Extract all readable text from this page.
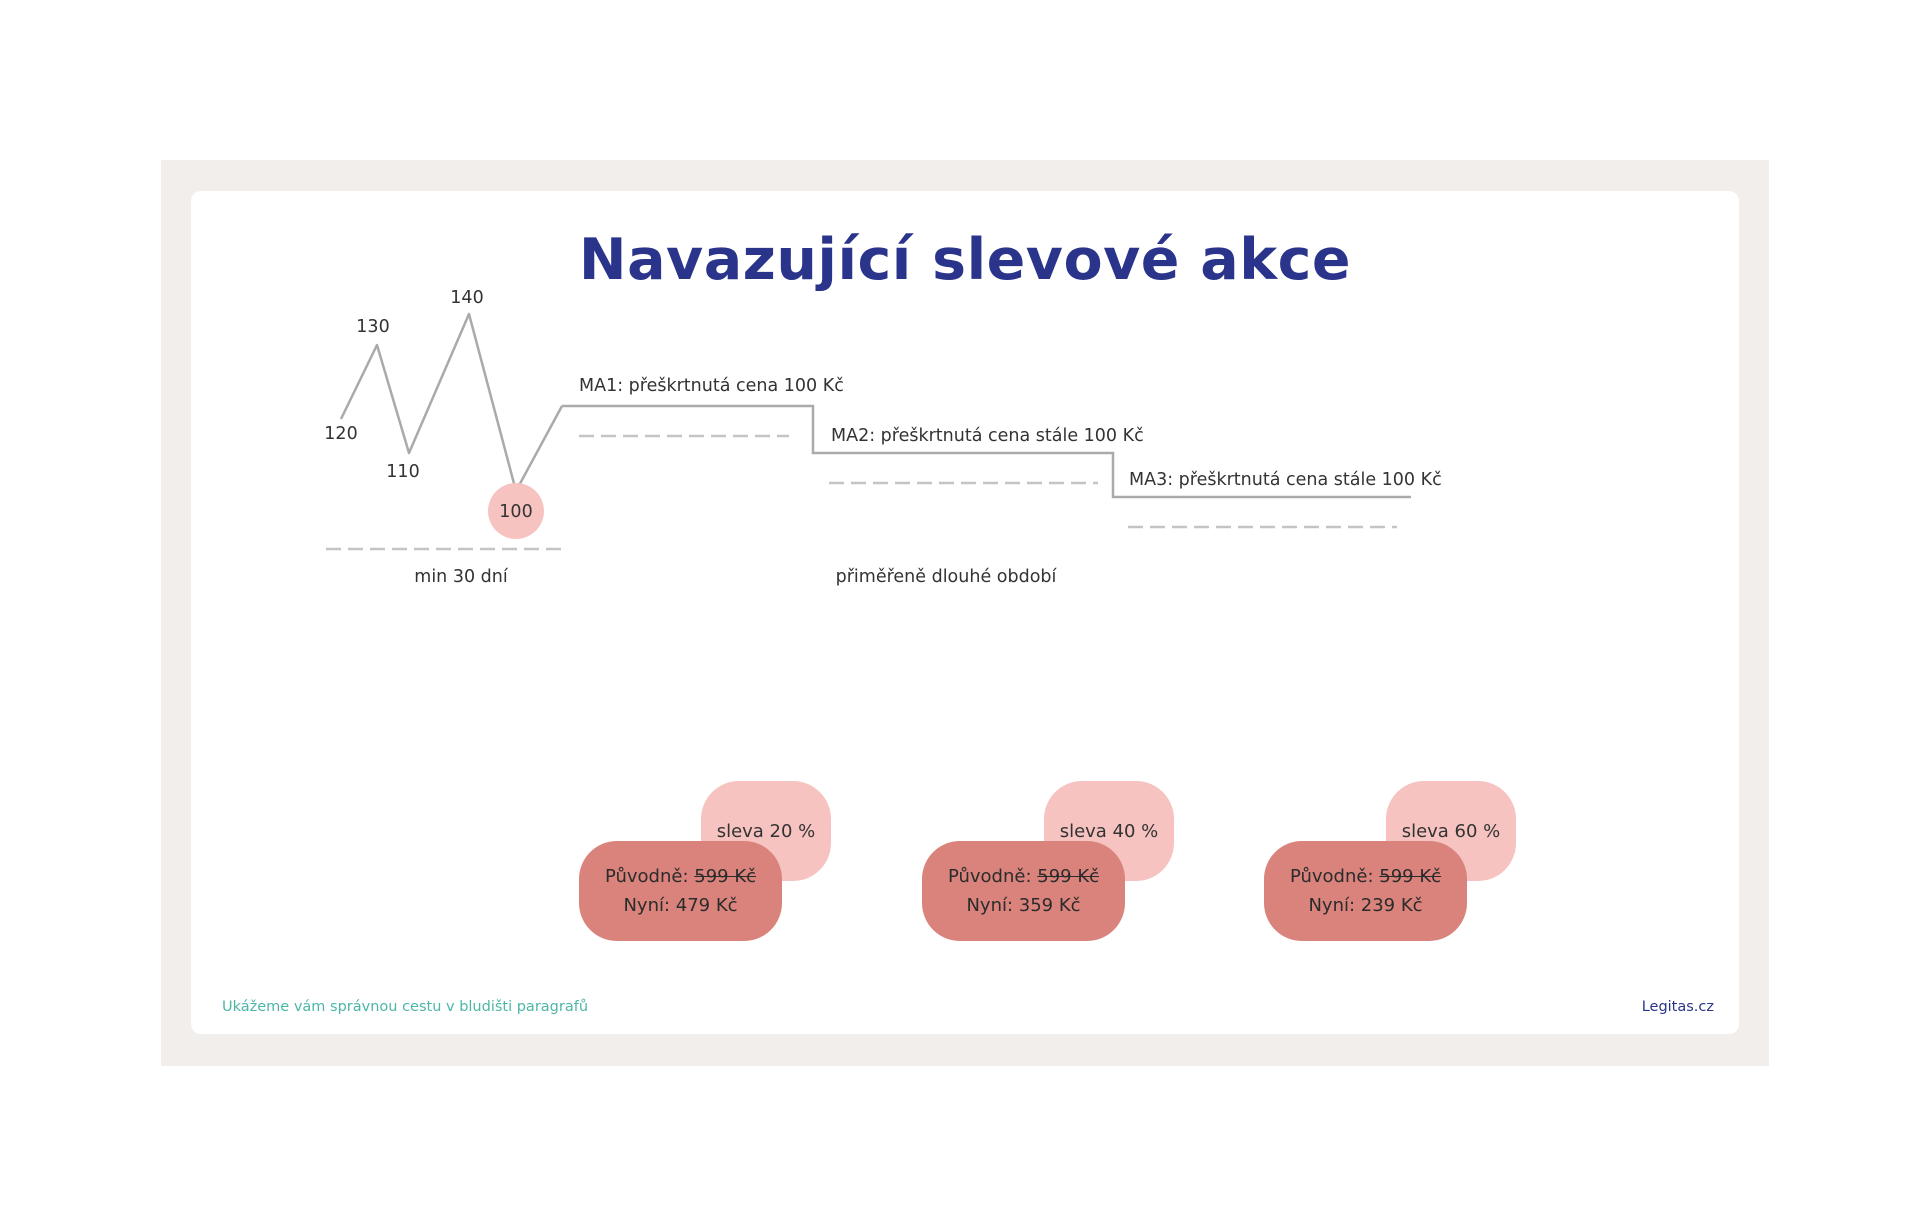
Navazující slevové akce
100
120
130
110
140
MA1: přeškrtnutá cena 100 Kč
MA2: přeškrtnutá cena stále 100 Kč
MA3: přeškrtnutá cena stále 100 Kč
min 30 dní	přiměřeně dlouhé období
sleva 20 %
Původně: 599 Kč
Nyní: 479 Kč
sleva 40 %
Původně: 599 Kč
Nyní: 359 Kč
sleva 60 %
Původně: 599 Kč
Nyní: 239 Kč
Ukážeme vám správnou cestu v bludišti paragrafů	Legitas.cz
